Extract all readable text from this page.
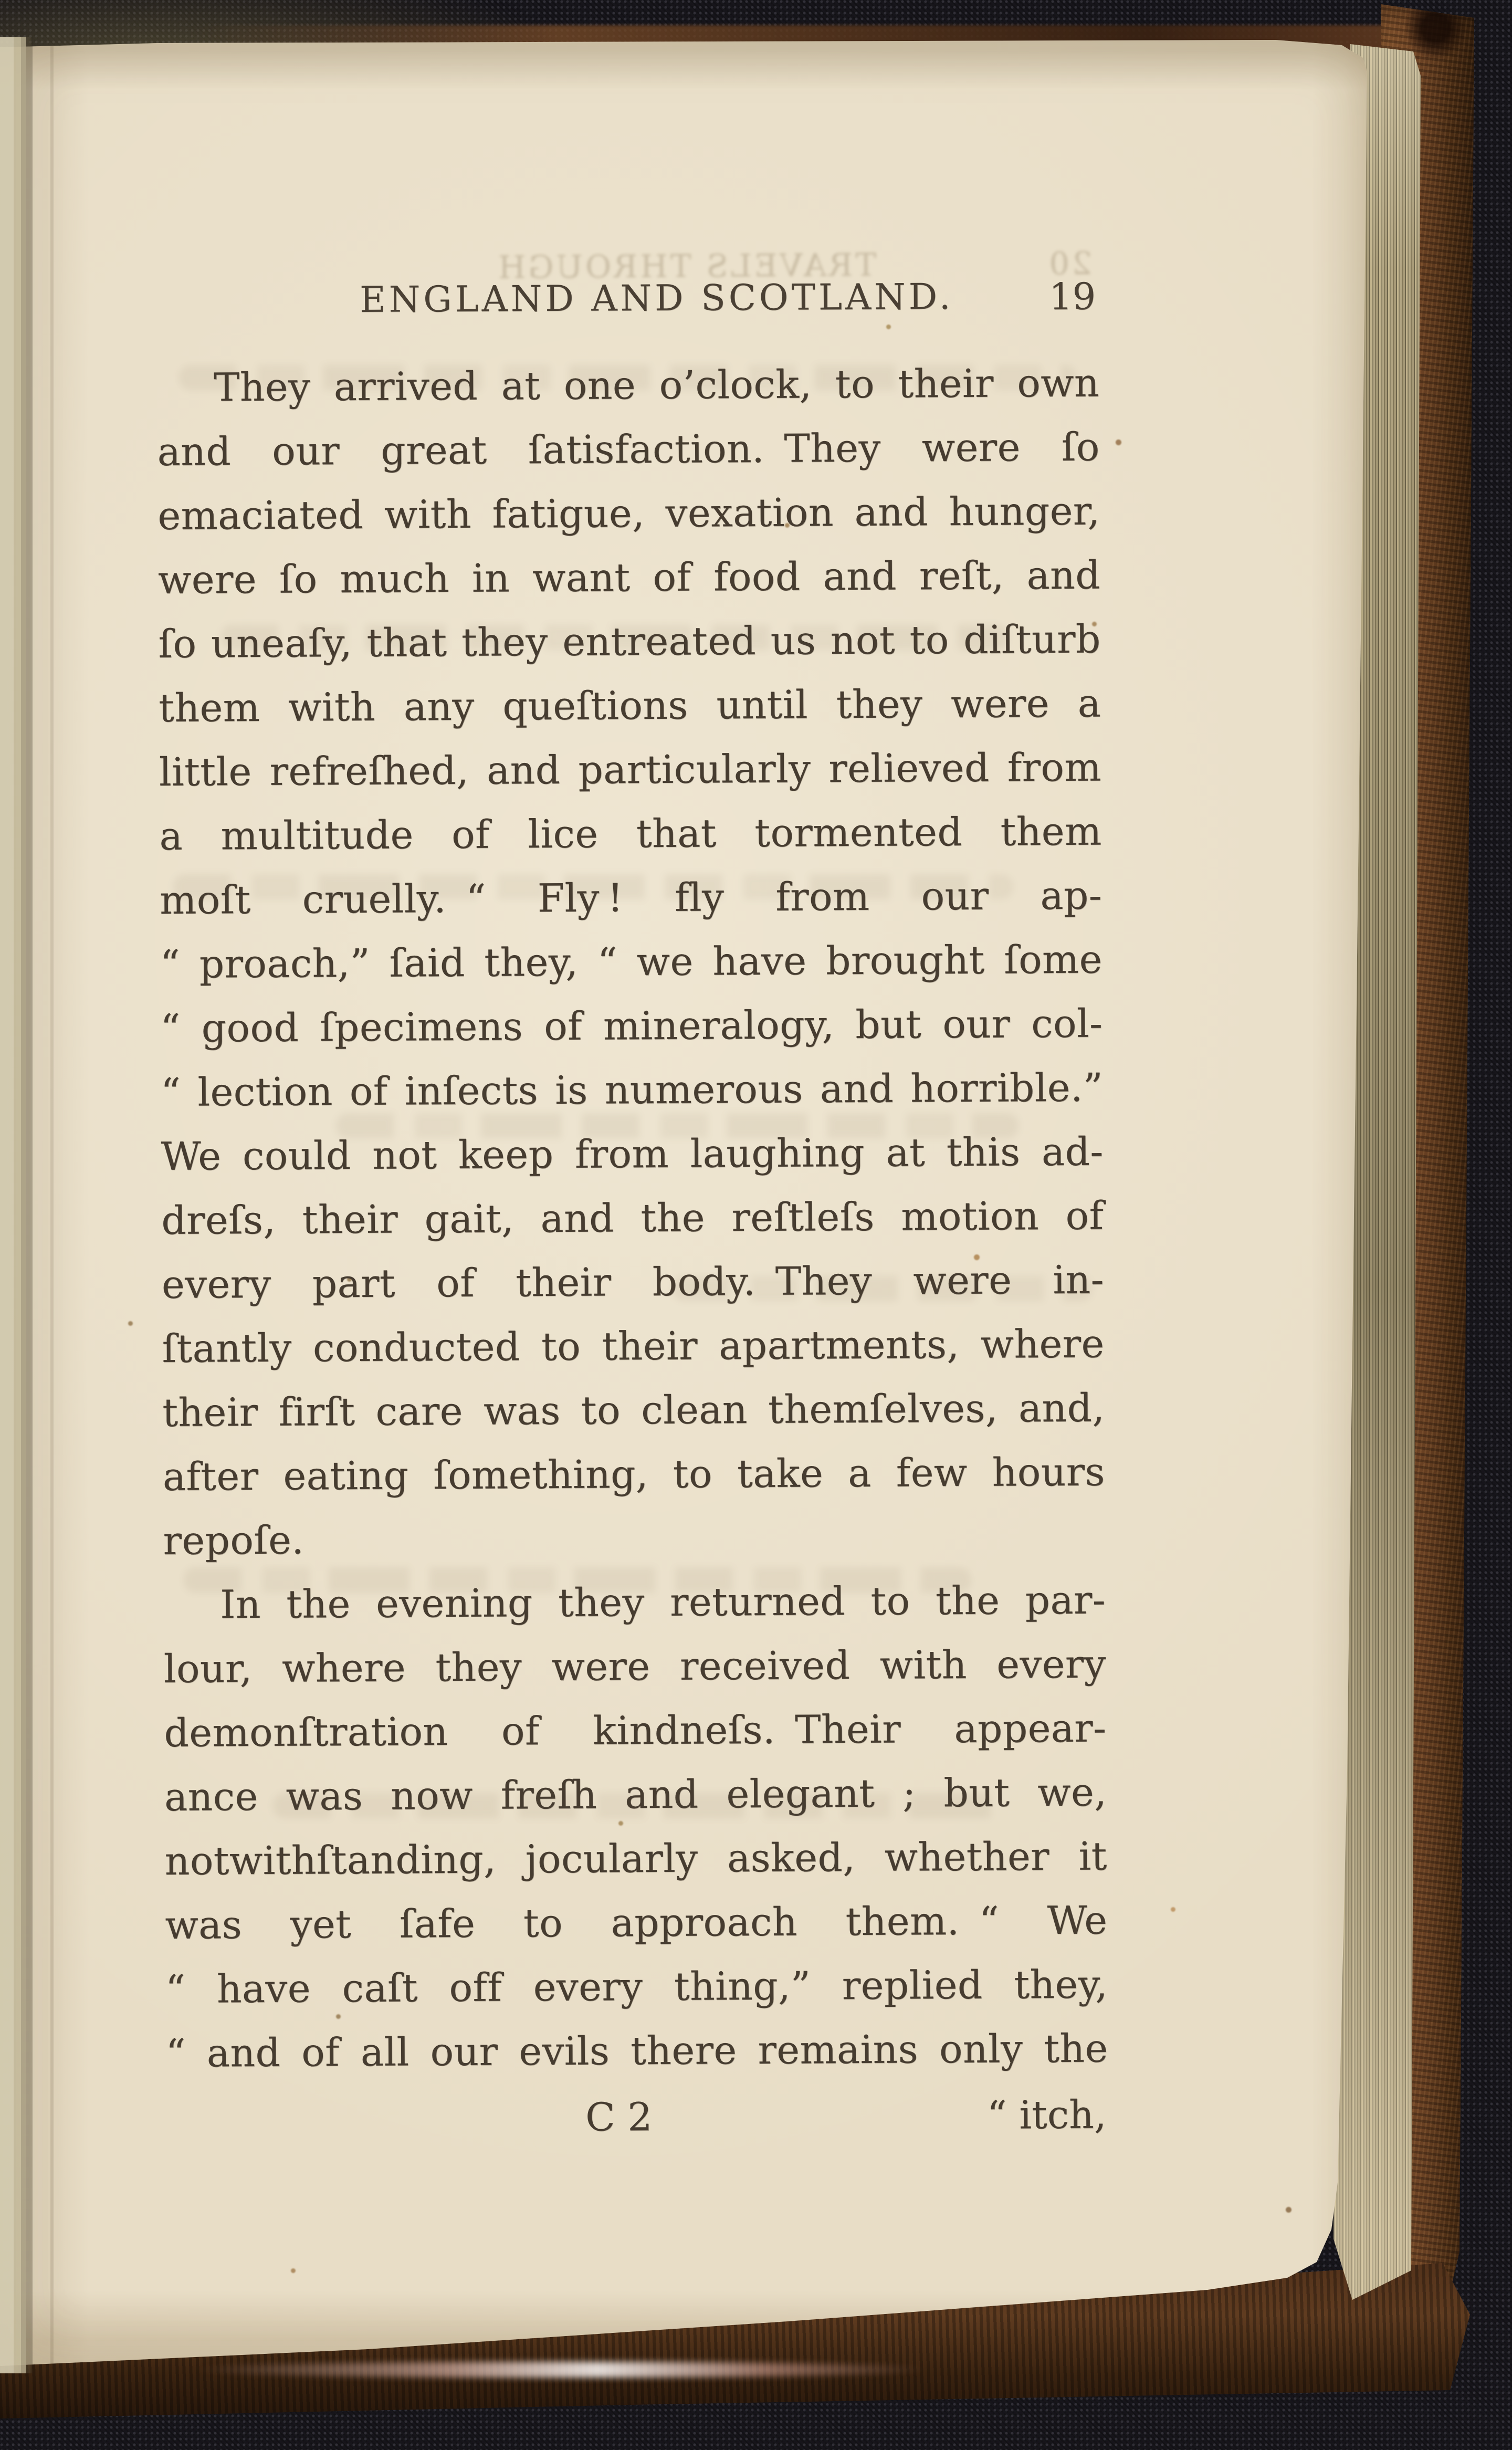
20
TRAVELS THROUGH
ENGLAND AND SCOTLAND.	19
They arrived at one o’clock, to their own
and our great ſatisfaction. They were ſo
emaciated with fatigue, vexation and hunger,
were ſo much in want of food and reſt, and
ſo uneaſy, that they entreated us not to diſturb
them with any queſtions until they were a
little refreſhed, and particularly relieved from
a multitude of lice that tormented them
moſt cruelly. “ Fly ! fly from our ap-
“ proach,” ſaid they, “ we have brought ſome
“ good ſpecimens of mineralogy, but our col-
“ lection of inſects is numerous and horrible.”
We could not keep from laughing at this ad-
dreſs, their gait, and the reſtleſs motion of
every part of their body. They were in-
ſtantly conducted to their apartments, where
their firſt care was to clean themſelves, and,
after eating ſomething, to take a few hours
repoſe.
In the evening they returned to the par-
lour, where they were received with every
demonſtration of kindneſs. Their appear-
ance was now freſh and elegant ; but we,
notwithſtanding, jocularly asked, whether it
was yet ſafe to approach them. “ We
“ have caſt off every thing,” replied they,
“ and of all our evils there remains only the
C 2	“ itch,
